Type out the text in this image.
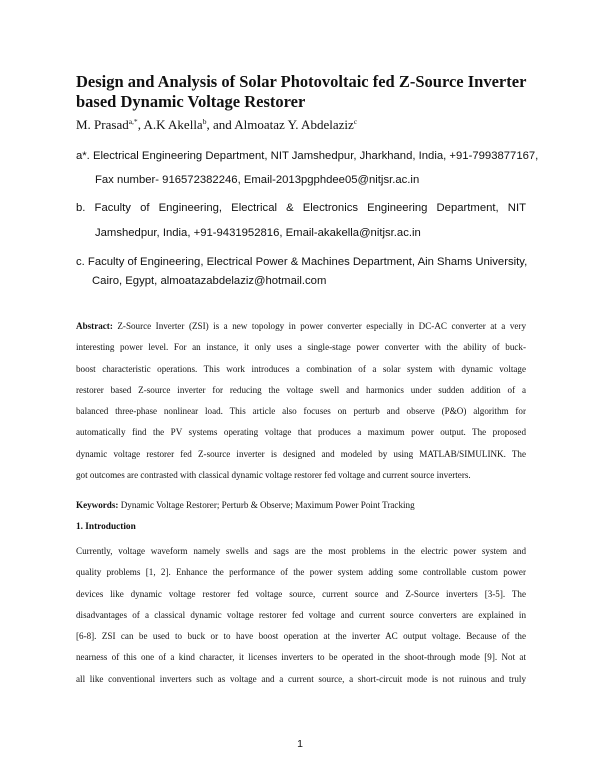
Design and Analysis of Solar Photovoltaic fed Z-Source Inverter
based Dynamic Voltage Restorer
M. Prasad$^{a,*}$, A.K Akella$^b$, and Almoataz Y. Abdelaziz$^c$
a*. Electrical Engineering Department, NIT Jamshedpur, Jharkhand, India, +91-7993877167,
Fax number- 916572382246, Email-2013pgphdee05@nitjsr.ac.in
b. Faculty of Engineering, Electrical & Electronics Engineering Department, NIT
Jamshedpur, India, +91-9431952816, Email-akakella@nitjsr.ac.in
c. Faculty of Engineering, Electrical Power & Machines Department, Ain Shams University,
Cairo, Egypt, almoatazabdelaziz@hotmail.com
Abstract: Z-Source Inverter (ZSI) is a new topology in power converter especially in DC-AC converter at a very
interesting power level. For an instance, it only uses a single-stage power converter with the ability of buck-
boost characteristic operations. This work introduces a combination of a solar system with dynamic voltage
restorer based Z-source inverter for reducing the voltage swell and harmonics under sudden addition of a
balanced three-phase nonlinear load. This article also focuses on perturb and observe (P&O) algorithm for
automatically find the PV systems operating voltage that produces a maximum power output. The proposed
dynamic voltage restorer fed Z-source inverter is designed and modeled by using MATLAB/SIMULINK. The
got outcomes are contrasted with classical dynamic voltage restorer fed voltage and current source inverters.
Keywords: Dynamic Voltage Restorer; Perturb & Observe; Maximum Power Point Tracking
1. Introduction
Currently, voltage waveform namely swells and sags are the most problems in the electric power system and
quality problems [1, 2]. Enhance the performance of the power system adding some controllable custom power
devices like dynamic voltage restorer fed voltage source, current source and Z-Source inverters [3-5]. The
disadvantages of a classical dynamic voltage restorer fed voltage and current source converters are explained in
[6-8]. ZSI can be used to buck or to have boost operation at the inverter AC output voltage. Because of the
nearness of this one of a kind character, it licenses inverters to be operated in the shoot-through mode [9]. Not at
all like conventional inverters such as voltage and a current source, a short-circuit mode is not ruinous and truly
1
